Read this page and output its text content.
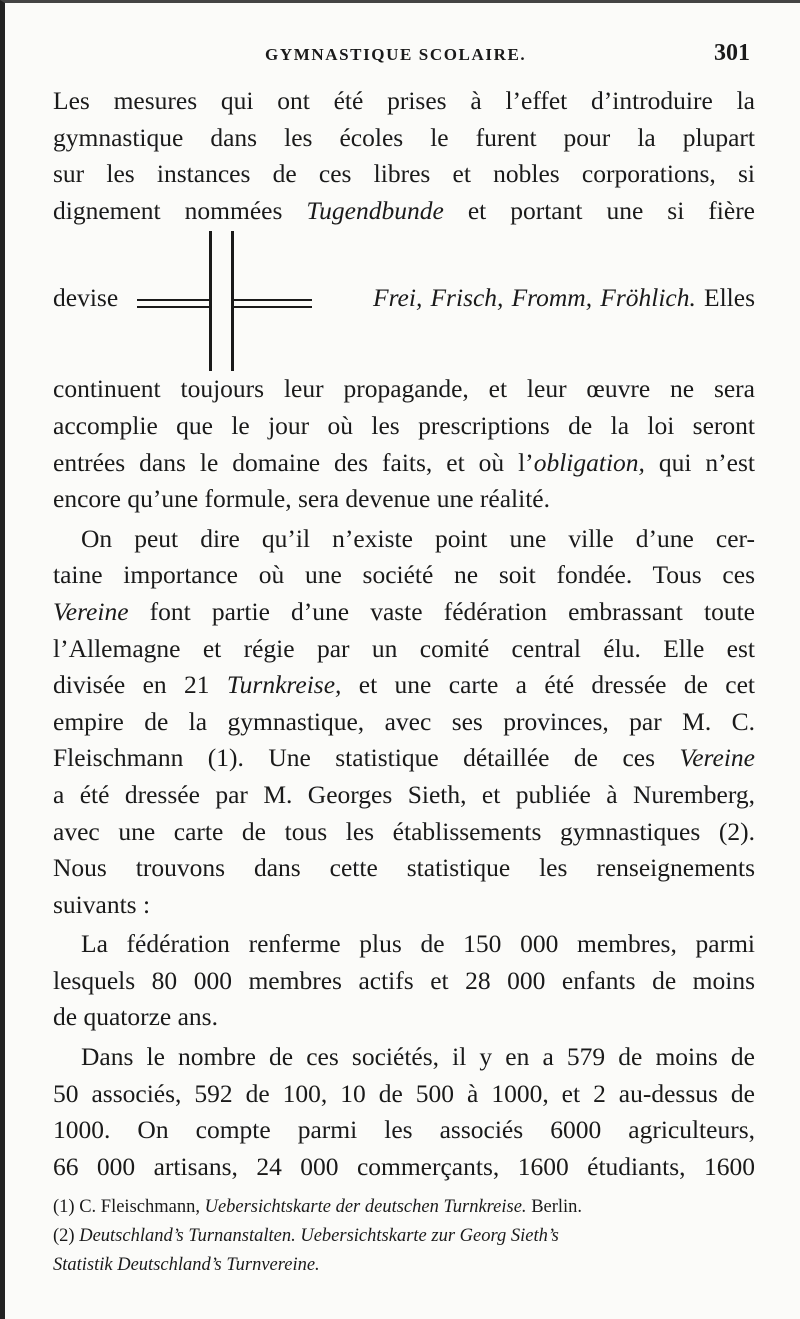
GYMNASTIQUE SCOLAIRE.	301
Les mesures qui ont été prises à l’effet d’introduire la
gymnastique dans les écoles le furent pour la plupart
sur les instances de ces libres et nobles corporations, si
dignement nommées Tugendbunde et portant une si fière
devise	Frei, Frisch, Fromm, Fröhlich. Elles
continuent toujours leur propagande, et leur œuvre ne sera
accomplie que le jour où les prescriptions de la loi seront
entrées dans le domaine des faits, et où l’obligation, qui n’est
encore qu’une formule, sera devenue une réalité.
On peut dire qu’il n’existe point une ville d’une cer-
taine importance où une société ne soit fondée. Tous ces
Vereine font partie d’une vaste fédération embrassant toute
l’Allemagne et régie par un comité central élu. Elle est
divisée en 21 Turnkreise, et une carte a été dressée de cet
empire de la gymnastique, avec ses provinces, par M. C.
Fleischmann (1). Une statistique détaillée de ces Vereine
a été dressée par M. Georges Sieth, et publiée à Nuremberg,
avec une carte de tous les établissements gymnastiques (2).
Nous trouvons dans cette statistique les renseignements
suivants :
La fédération renferme plus de 150 000 membres, parmi
lesquels 80 000 membres actifs et 28 000 enfants de moins
de quatorze ans.
Dans le nombre de ces sociétés, il y en a 579 de moins de
50 associés, 592 de 100, 10 de 500 à 1000, et 2 au-dessus de
1000. On compte parmi les associés 6000 agriculteurs,
66 000 artisans, 24 000 commerçants, 1600 étudiants, 1600
(1) C. Fleischmann, Uebersichtskarte der deutschen Turnkreise. Berlin.
(2) Deutschland’s Turnanstalten. Uebersichtskarte zur Georg Sieth’s
Statistik Deutschland’s Turnvereine.
